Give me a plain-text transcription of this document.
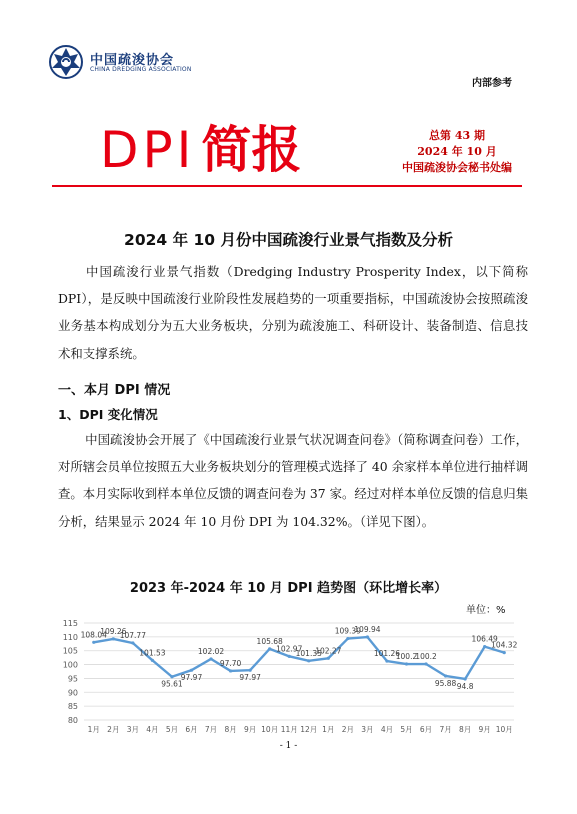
中国疏浚协会
CHINA DREDGING ASSOCIATION
内部参考
DPI 简报	总第 43 期
2024 年 10 月
中国疏浚协会秘书处编
2024 年 10 月份中国疏浚行业景气指数及分析
中国疏浚行业景气指数（Dredging Industry Prosperity Index，以下简称 DPI），是反映中国疏浚行业阶段性发展趋势的一项重要指标，中国疏浚协会按照疏浚业务基本构成划分为五大业务板块，分别为疏浚施工、科研设计、装备制造、信息技术和支撑系统。
一、本月 DPI 情况
1、DPI 变化情况
中国疏浚协会开展了《中国疏浚行业景气状况调查问卷》（简称调查问卷）工作，对所辖会员单位按照五大业务板块划分的管理模式选择了 40 余家样本单位进行抽样调查。本月实际收到样本单位反馈的调查问卷为 37 家。经过对样本单位反馈的信息归集分析，结果显示 2024 年 10 月份 DPI 为 104.32%。（详见下图）。
2023 年-2024 年 10 月 DPI 趋势图（环比增长率）
单位：%
80
85
90
95
100
105
110
115
1月 2月 3月 4月 5月 6月 7月 8月 9月 10月 11月 12月 1月 2月 3月 4月 5月 6月 7月 8月 9月 10月
108.04
109.26
107.77
101.53
95.61
97.97
102.02
97.70
97.97
105.68
102.97
101.35
102.27
109.39
109.94
101.26
100.2
100.2
95.88 94.8
106.49
104.32
- 1 -
